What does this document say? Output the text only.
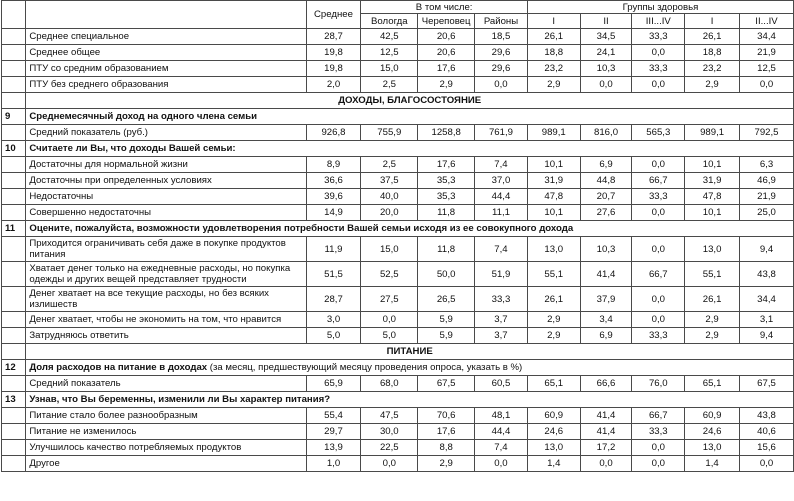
		Среднее	В том числе:			Группы здоровья				
			Вологда	Череповец	Районы	I	II	III...IV	I	II...IV
	Среднее специальное	28,7	42,5	20,6	18,5	26,1	34,5	33,3	26,1	34,4
	Среднее общее	19,8	12,5	20,6	29,6	18,8	24,1	0,0	18,8	21,9
	ПТУ со средним образованием	19,8	15,0	17,6	29,6	23,2	10,3	33,3	23,2	12,5
	ПТУ без среднего образования	2,0	2,5	2,9	0,0	2,9	0,0	0,0	2,9	0,0
	ДОХОДЫ, БЛАГОСОСТОЯНИЕ									
9	Среднемесячный доход на одного члена семьи									
	Средний показатель (руб.)	926,8	755,9	1258,8	761,9	989,1	816,0	565,3	989,1	792,5
10	Считаете ли Вы, что доходы Вашей семьи:									
	Достаточны для нормальной жизни	8,9	2,5	17,6	7,4	10,1	6,9	0,0	10,1	6,3
	Достаточны при определенных условиях	36,6	37,5	35,3	37,0	31,9	44,8	66,7	31,9	46,9
	Недостаточны	39,6	40,0	35,3	44,4	47,8	20,7	33,3	47,8	21,9
	Совершенно недостаточны	14,9	20,0	11,8	11,1	10,1	27,6	0,0	10,1	25,0
11	Оцените, пожалуйста, возможности удовлетворения потребности Вашей семьи исходя из ее совокупного дохода									
	Приходится ограничивать себя даже в покупке продуктов питания	11,9	15,0	11,8	7,4	13,0	10,3	0,0	13,0	9,4
	Хватает денег только на ежедневные расходы, но покупка одежды и других вещей представляет трудности	51,5	52,5	50,0	51,9	55,1	41,4	66,7	55,1	43,8
	Денег хватает на все текущие расходы, но без всяких излишеств	28,7	27,5	26,5	33,3	26,1	37,9	0,0	26,1	34,4
	Денег хватает, чтобы не экономить на том, что нравится	3,0	0,0	5,9	3,7	2,9	3,4	0,0	2,9	3,1
	Затрудняюсь ответить	5,0	5,0	5,9	3,7	2,9	6,9	33,3	2,9	9,4
	ПИТАНИЕ									
12	Доля расходов на питание в доходах (за месяц, предшествующий месяцу проведения опроса, указать в %)									
	Средний показатель	65,9	68,0	67,5	60,5	65,1	66,6	76,0	65,1	67,5
13	Узнав, что Вы беременны, изменили ли Вы характер питания?									
	Питание стало более разнообразным	55,4	47,5	70,6	48,1	60,9	41,4	66,7	60,9	43,8
	Питание не изменилось	29,7	30,0	17,6	44,4	24,6	41,4	33,3	24,6	40,6
	Улучшилось качество потребляемых продуктов	13,9	22,5	8,8	7,4	13,0	17,2	0,0	13,0	15,6
	Другое	1,0	0,0	2,9	0,0	1,4	0,0	0,0	1,4	0,0
